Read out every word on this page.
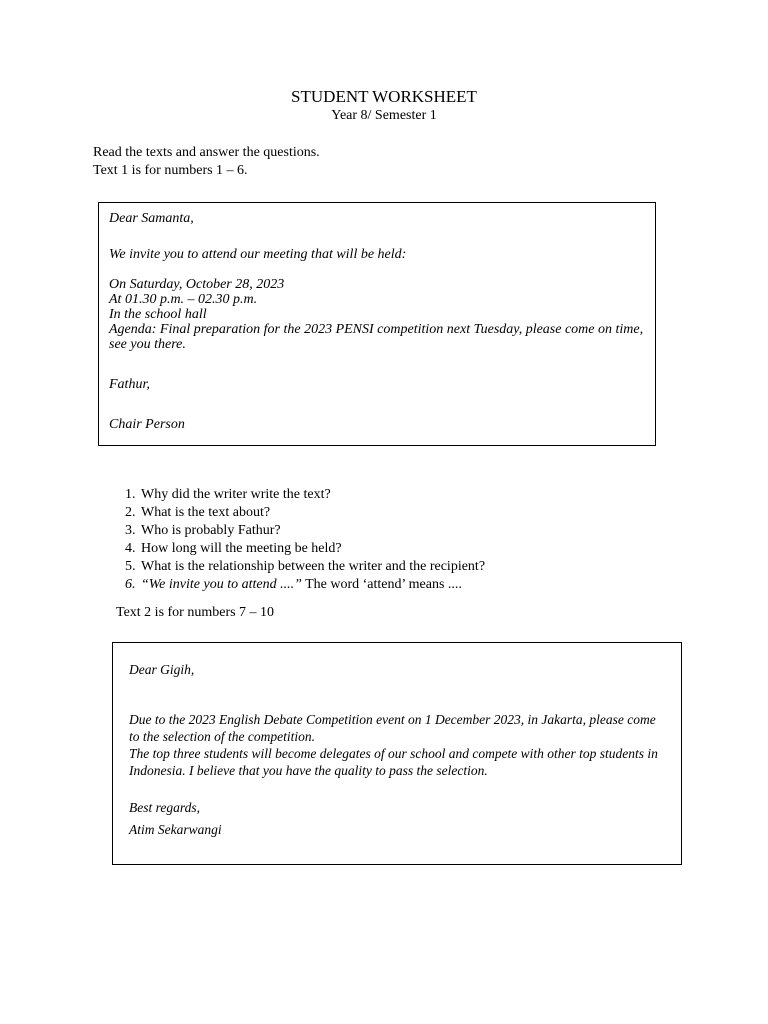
STUDENT WORKSHEET
Year 8/ Semester 1
Read the texts and answer the questions.
Text 1 is for numbers 1 – 6.

Dear Samanta,

We invite you to attend our meeting that will be held:

On Saturday, October 28, 2023

At 01.30 p.m. – 02.30 p.m.

In the school hall

Agenda: Final preparation for the 2023 PENSI competition next Tuesday, please come on time, see you there.

Fathur,

Chair Person

1. Why did the writer write the text?
2. What is the text about?
3. Who is probably Fathur?
4. How long will the meeting be held?
5. What is the relationship between the writer and the recipient?
6. “We invite you to attend ....” The word ‘attend’ means ....
Text 2 is for numbers 7 – 10

Dear Gigih,

Due to the 2023 English Debate Competition event on 1 December 2023, in Jakarta, please come to the selection of the competition.

The top three students will become delegates of our school and compete with other top students in Indonesia. I believe that you have the quality to pass the selection.

Best regards,

Atim Sekarwangi
